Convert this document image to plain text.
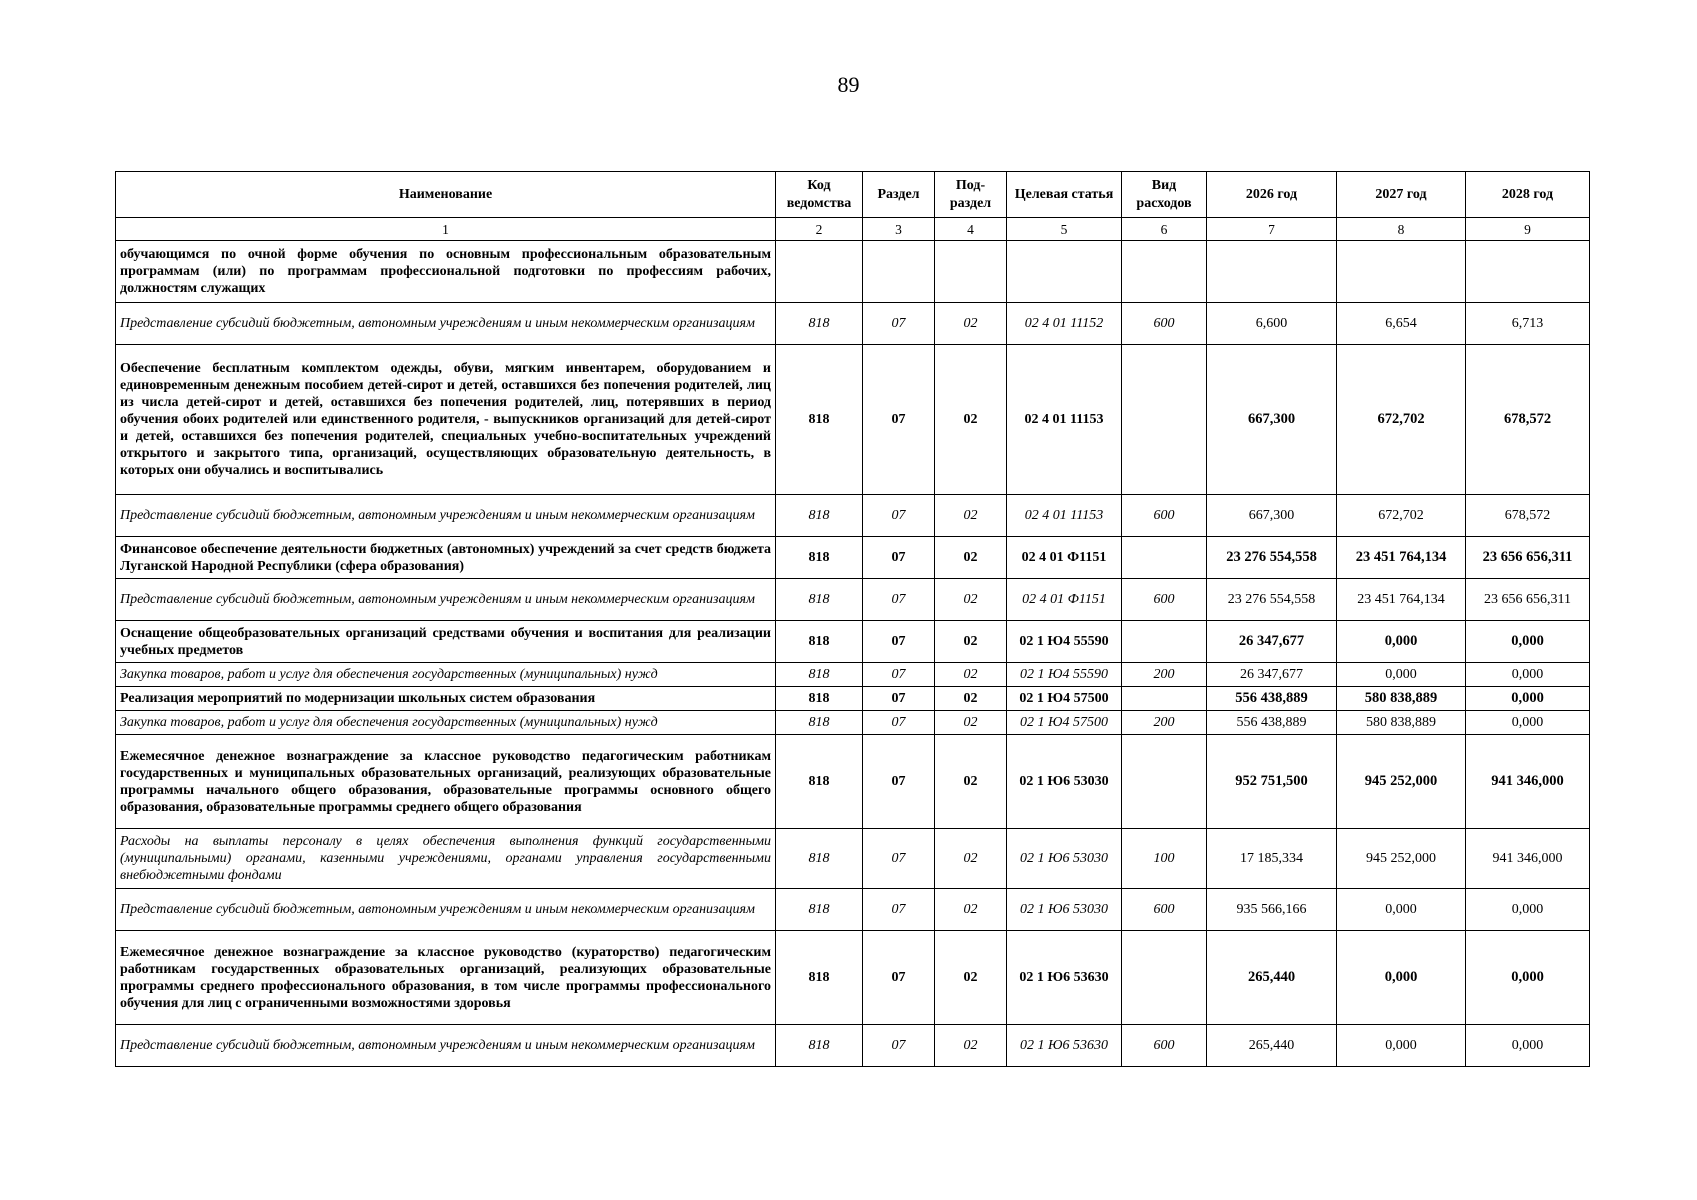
89
Наименование	Код ведомства	Раздел	Под-раздел	Целевая статья	Вид расходов	2026 год	2027 год	2028 год
1	2	3	4	5	6	7	8	9
обучающимся по очной форме обучения по основным профессиональным образовательным программам (или) по программам профессиональной подготовки по профессиям рабочих, должностям служащих								
Представление субсидий бюджетным, автономным учреждениям и иным некоммерческим организациям	818	07	02	02 4 01 11152	600	6,600	6,654	6,713
Обеспечение бесплатным комплектом одежды, обуви, мягким инвентарем, оборудованием и единовременным денежным пособием детей-сирот и детей, оставшихся без попечения родителей, лиц из числа детей-сирот и детей, оставшихся без попечения родителей, лиц, потерявших в период обучения обоих родителей или единственного родителя, - выпускников организаций для детей-сирот и детей, оставшихся без попечения родителей, специальных учебно-воспитательных учреждений открытого и закрытого типа, организаций, осуществляющих образовательную деятельность, в которых они обучались и воспитывались	818	07	02	02 4 01 11153		667,300	672,702	678,572
Представление субсидий бюджетным, автономным учреждениям и иным некоммерческим организациям	818	07	02	02 4 01 11153	600	667,300	672,702	678,572
Финансовое обеспечение деятельности бюджетных (автономных) учреждений за счет средств бюджета Луганской Народной Республики (сфера образования)	818	07	02	02 4 01 Ф1151		23 276 554,558	23 451 764,134	23 656 656,311
Представление субсидий бюджетным, автономным учреждениям и иным некоммерческим организациям	818	07	02	02 4 01 Ф1151	600	23 276 554,558	23 451 764,134	23 656 656,311
Оснащение общеобразовательных организаций средствами обучения и воспитания для реализации учебных предметов	818	07	02	02 1 Ю4 55590		26 347,677	0,000	0,000
Закупка товаров, работ и услуг для обеспечения государственных (муниципальных) нужд	818	07	02	02 1 Ю4 55590	200	26 347,677	0,000	0,000
Реализация мероприятий по модернизации школьных систем образования	818	07	02	02 1 Ю4 57500		556 438,889	580 838,889	0,000
Закупка товаров, работ и услуг для обеспечения государственных (муниципальных) нужд	818	07	02	02 1 Ю4 57500	200	556 438,889	580 838,889	0,000
Ежемесячное денежное вознаграждение за классное руководство педагогическим работникам государственных и муниципальных образовательных организаций, реализующих образовательные программы начального общего образования, образовательные программы основного общего образования, образовательные программы среднего общего образования	818	07	02	02 1 Ю6 53030		952 751,500	945 252,000	941 346,000
Расходы на выплаты персоналу в целях обеспечения выполнения функций государственными (муниципальными) органами, казенными учреждениями, органами управления государственными внебюджетными фондами	818	07	02	02 1 Ю6 53030	100	17 185,334	945 252,000	941 346,000
Представление субсидий бюджетным, автономным учреждениям и иным некоммерческим организациям	818	07	02	02 1 Ю6 53030	600	935 566,166	0,000	0,000
Ежемесячное денежное вознаграждение за классное руководство (кураторство) педагогическим работникам государственных образовательных организаций, реализующих образовательные программы среднего профессионального образования, в том числе программы профессионального обучения для лиц с ограниченными возможностями здоровья	818	07	02	02 1 Ю6 53630		265,440	0,000	0,000
Представление субсидий бюджетным, автономным учреждениям и иным некоммерческим организациям	818	07	02	02 1 Ю6 53630	600	265,440	0,000	0,000
